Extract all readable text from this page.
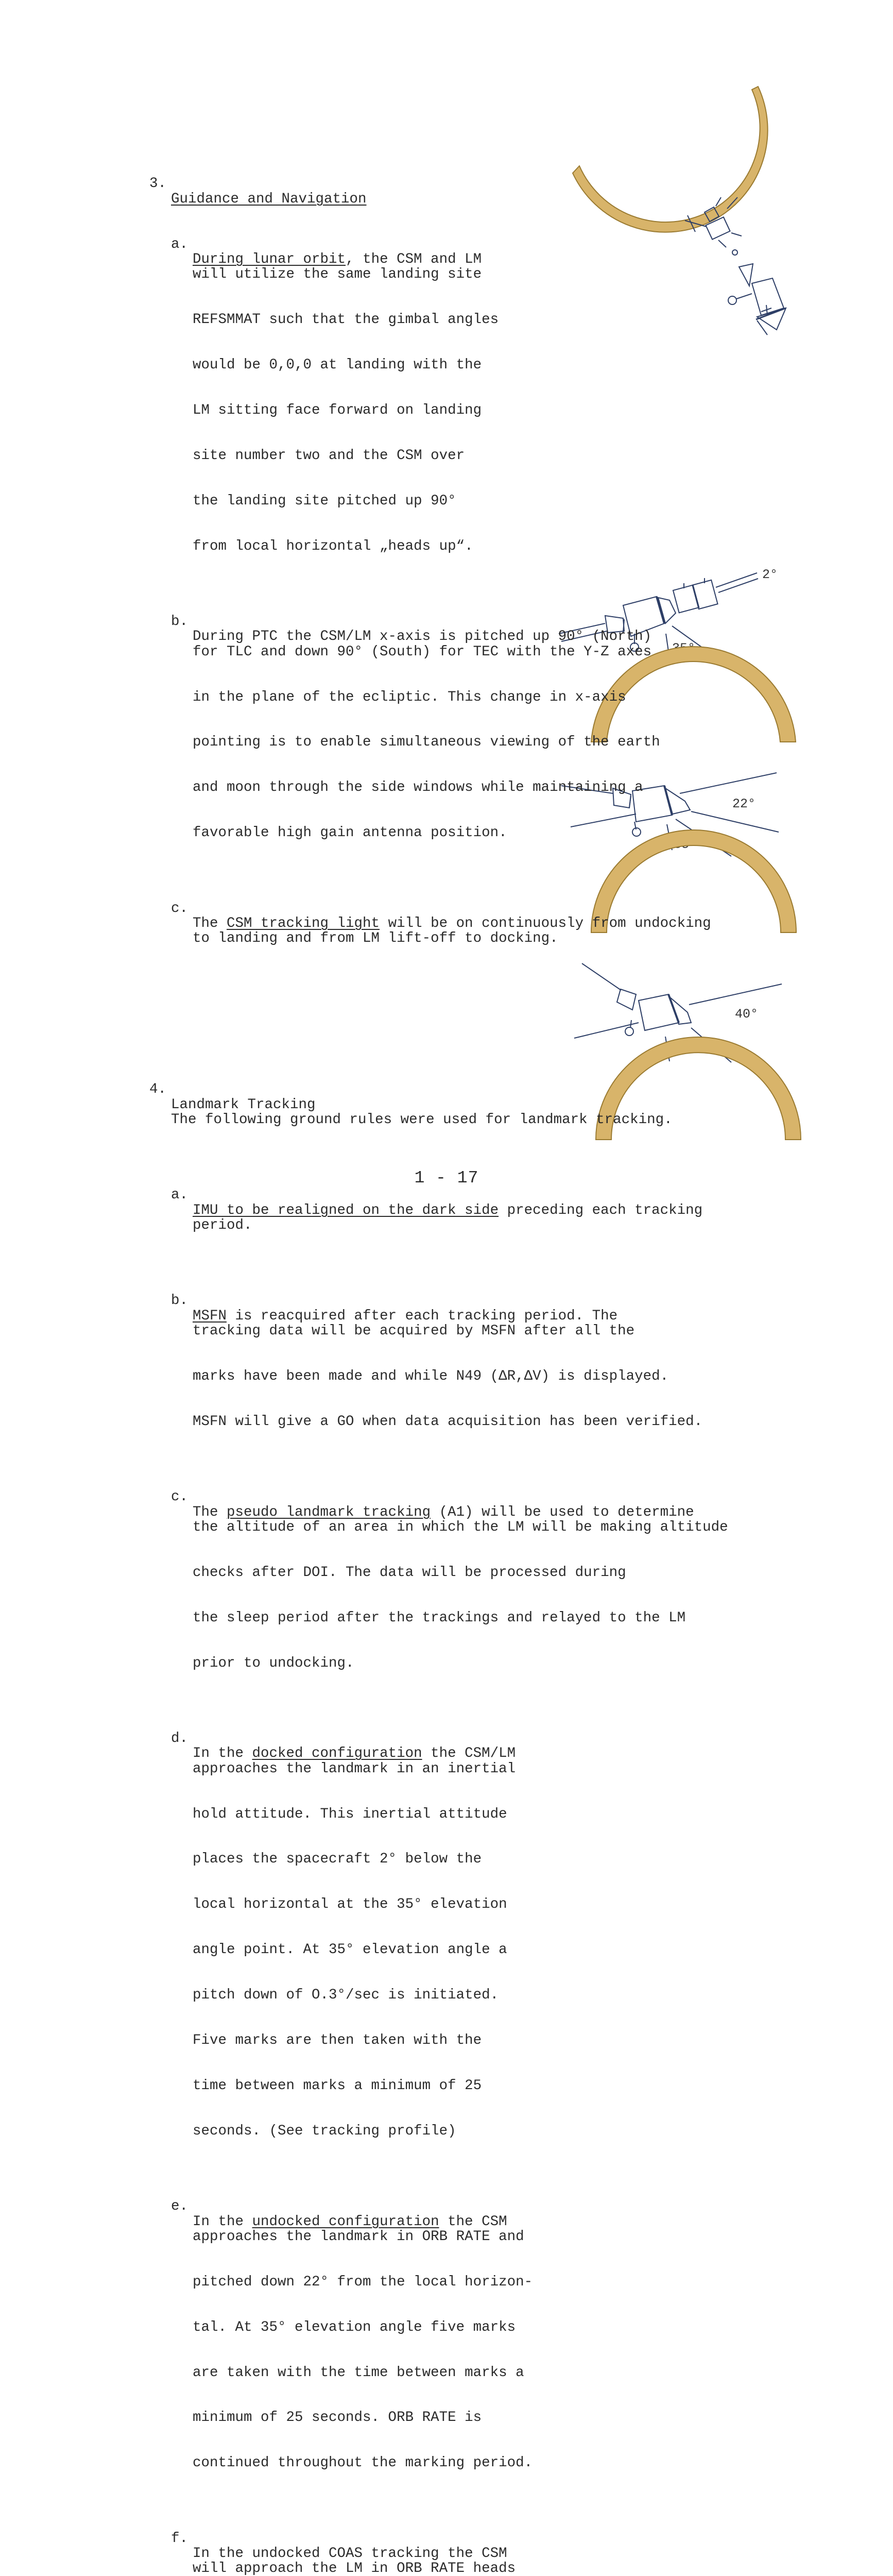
2°
22°
40°

3.

Guidance and Navigation

a.

During lunar orbit, the CSM and LM

will utilize the same landing site

REFSMMAT such that the gimbal angles

would be 0,0,0 at landing with the

LM sitting face forward on landing

site number two and the CSM over

the landing site pitched up 90°

from local horizontal „heads up“.

b.

During PTC the CSM/LM x-axis is pitched up 90° (North)

for TLC and down 90° (South) for TEC with the Y-Z axes

in the plane of the ecliptic. This change in x-axis

pointing is to enable simultaneous viewing of the earth

and moon through the side windows while maintaining a

favorable high gain antenna position.

c.

The CSM tracking light will be on continuously from undocking

to landing and from LM lift-off to docking.

4.

Landmark Tracking

The following ground rules were used for landmark tracking.

a.

IMU to be realigned on the dark side preceding each tracking

period.

b.

MSFN is reacquired after each tracking period. The

tracking data will be acquired by MSFN after all the

marks have been made and while N49 (ΔR,ΔV) is displayed.

MSFN will give a GO when data acquisition has been verified.

c.

The pseudo landmark tracking (A1) will be used to determine

the altitude of an area in which the LM will be making altitude

checks after DOI. The data will be processed during

the sleep period after the trackings and relayed to the LM

prior to undocking.

d.

In the docked configuration the CSM/LM

approaches the landmark in an inertial

hold attitude. This inertial attitude

places the spacecraft 2° below the

local horizontal at the 35° elevation

angle point. At 35° elevation angle a

pitch down of O.3°/sec is initiated.

Five marks are then taken with the

time between marks a minimum of 25

seconds. (See tracking profile)

e.

In the undocked configuration the CSM

approaches the landmark in ORB RATE and

pitched down 22° from the local horizon-

tal. At 35° elevation angle five marks

are taken with the time between marks a

minimum of 25 seconds. ORB RATE is

continued throughout the marking period.

f.

In the undocked COAS tracking the CSM

will approach the LM in ORB RATE heads

1 - 17
